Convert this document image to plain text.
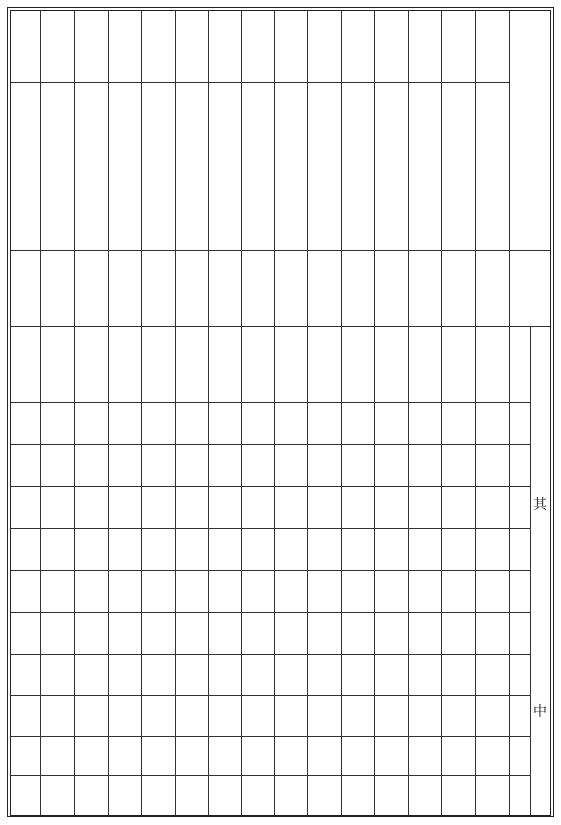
其
中
